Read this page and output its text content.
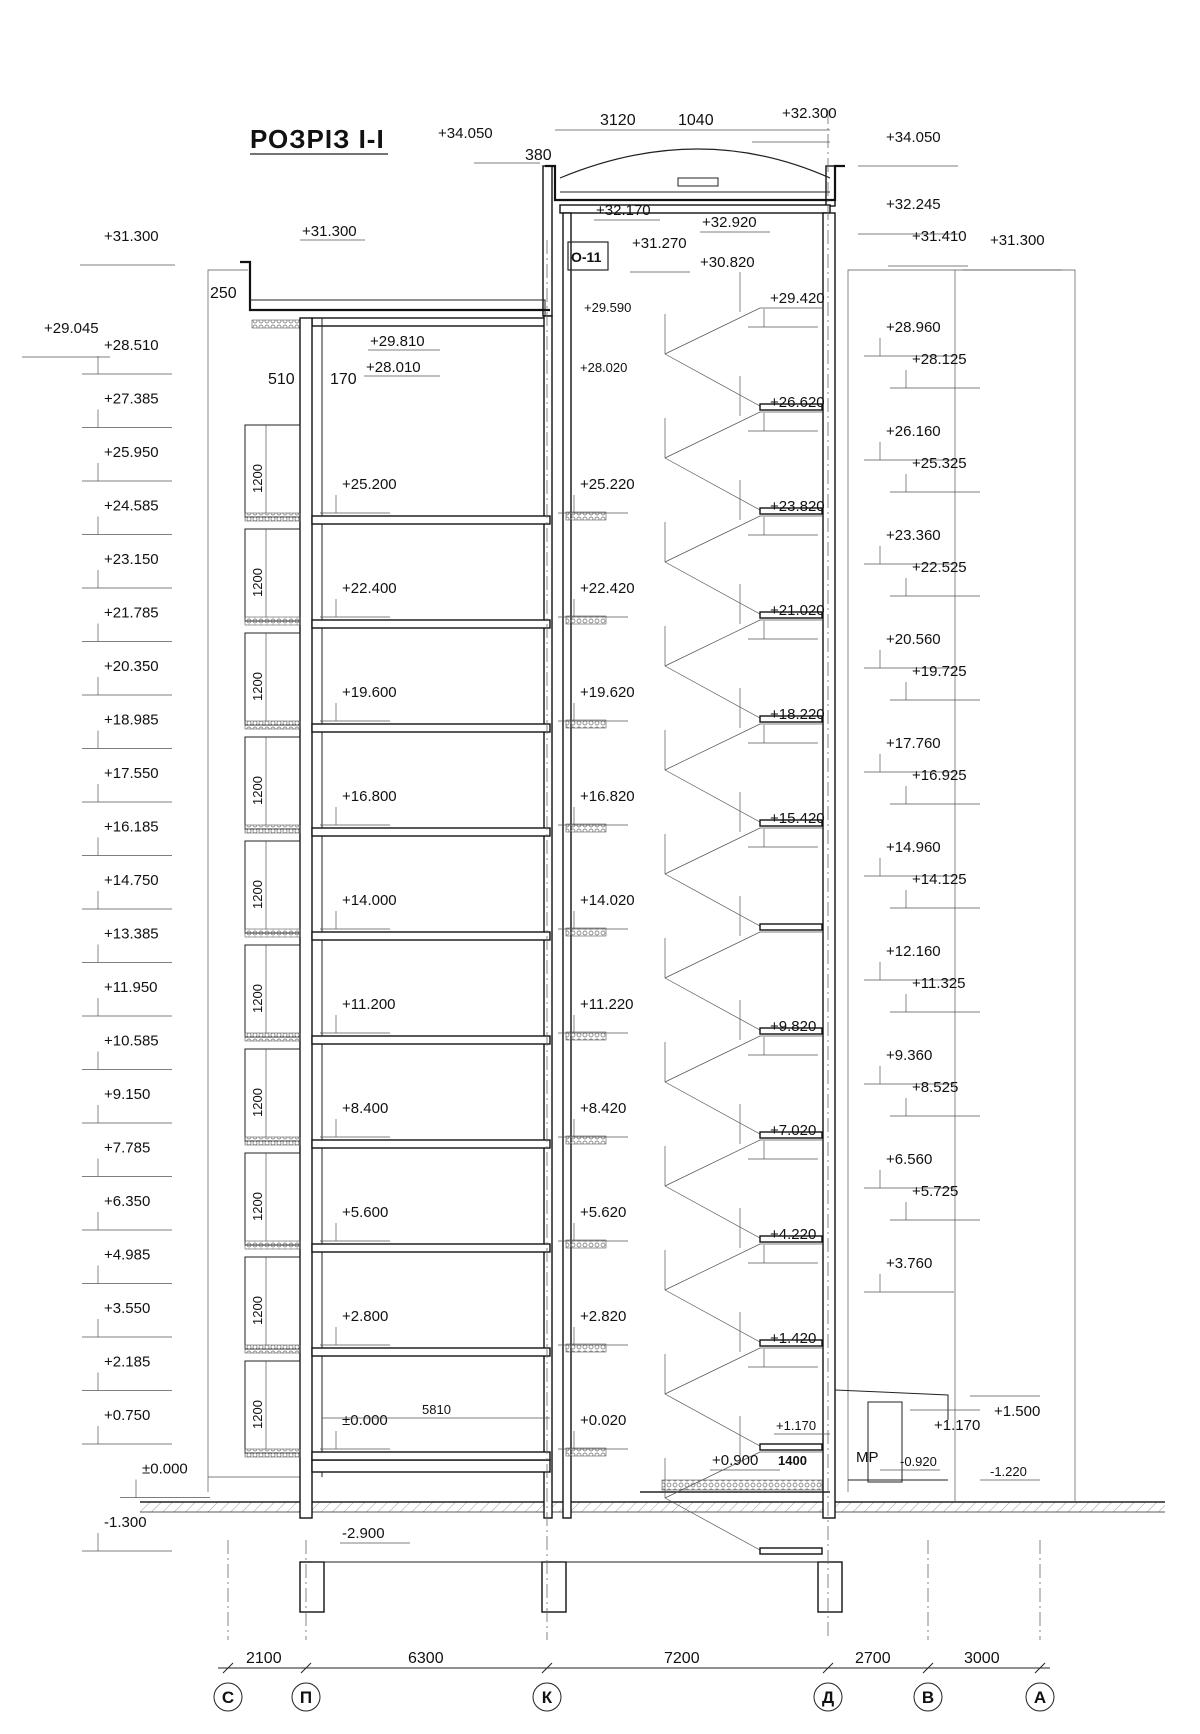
РОЗРІЗ І-І
+25.200	+25.220
+22.400	+22.420
+19.600	+19.620
+16.800	+16.820
+14.000	+14.020
+11.200	+11.220
+8.400	+8.420
+5.600	+5.620
+2.800	+2.820
±0.000	+0.020
+29.420
+26.620
+23.820
+21.020
+18.220
+15.420
+9.820
+7.020
+4.220
+1.420
1200
1200
1200
1200
1200
1200
1200
1200
1200
1200
2100	6300	7200	2700	3000
С	П	К	Д	В	А
+31.300
+34.050	+34.050
+32.300
+32.170
+32.920
+31.270
+30.820
+29.590
+29.810
+28.010	+28.020
+32.245
+31.410 +31.300
3120	1040
380
250
510 170
5810
1400
О-11
+31.300
+29.045
+28.510
+27.385
+25.950
+24.585
+23.150
+21.785
+20.350
+18.985
+17.550
+16.185
+14.750
+13.385
+11.950
+10.585
+9.150
+7.785
+6.350
+4.985
+3.550
+2.185
+0.750
±0.000
-1.300
+28.960
+28.125
+26.160
+25.325
+23.360
+22.525
+20.560
+19.725
+17.760
+16.925
+14.960
+14.125
+12.160
+11.325
+9.360
+8.525
+6.560
+5.725
+3.760
+1.500
+1.170
+1.170
+0.900	-0.920
-1.220
МР
-2.900
